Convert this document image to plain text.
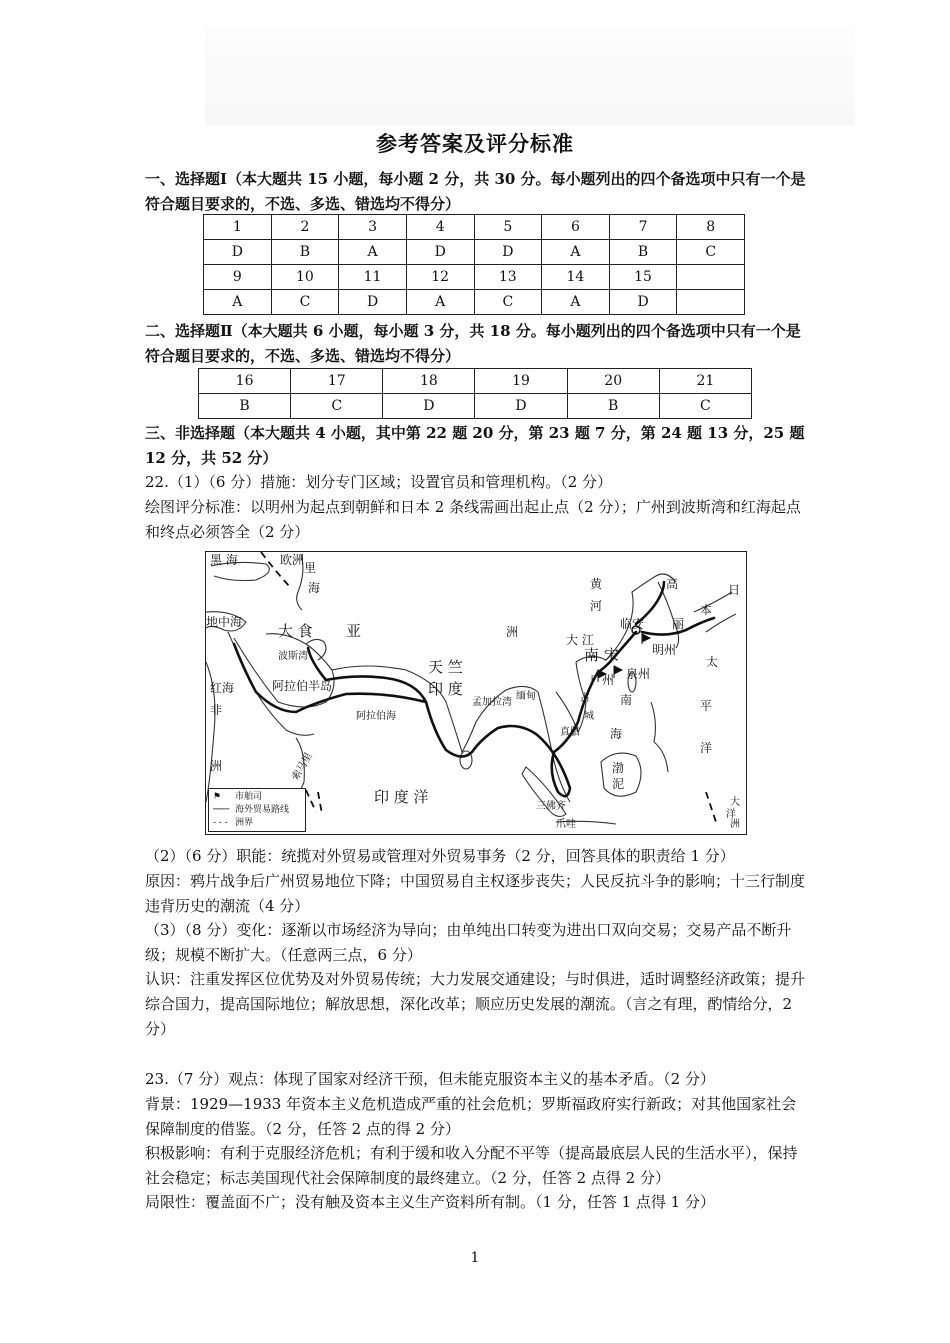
参考答案及评分标准

一、选择题Ⅰ（本大题共 15 小题，每小题 2 分，共 30 分。每小题列出的四个备选项中只有一个是符合题目要求的，不选、多选、错选均不得分）

1	2	3	4	5	6	7	8
D	B	A	D	D	A	B	C
9	10	11	12	13	14	15	
A	C	D	A	C	A	D	

二、选择题Ⅱ（本大题共 6 小题，每小题 3 分，共 18 分。每小题列出的四个备选项中只有一个是符合题目要求的，不选、多选、错选均不得分）

16	17	18	19	20	21
B	C	D	D	B	C

三、非选择题（本大题共 4 小题，其中第 22 题 20 分，第 23 题 7 分，第 24 题 13 分，25 题 12 分，共 52 分）

22.（1）（6 分）措施：划分专门区域；设置官员和管理机构。（2 分）

绘图评分标准：以明州为起点到朝鲜和日本 2 条线需画出起止点（2 分）；广州到波斯湾和红海起点和终点必须答全（2 分）

黑 海	欧洲
里
海
地中海 大 食 亚
波斯湾
阿拉伯半岛
红海
非
洲	索马里
阿拉伯海
天 竺
印 度
孟加拉湾
缅甸
洲
黄
河
大 江
临安
明州
南 宋
泉州
广州
高
丽
日
本
太
平
洋
南
海
占
城
真腊
渤
泥
印 度 洋
三佛齐
爪哇
大
洋
洲
⚑ 市舶司
─── 海外贸易路线
- - - 洲界

（2）（6 分）职能：统揽对外贸易或管理对外贸易事务（2 分，回答具体的职责给 1 分）

原因：鸦片战争后广州贸易地位下降；中国贸易自主权逐步丧失；人民反抗斗争的影响；十三行制度违背历史的潮流（4 分）

（3）（8 分）变化：逐渐以市场经济为导向；由单纯出口转变为进出口双向交易；交易产品不断升级；规模不断扩大。（任意两三点，6 分）

认识：注重发挥区位优势及对外贸易传统；大力发展交通建设；与时俱进，适时调整经济政策；提升综合国力，提高国际地位；解放思想，深化改革；顺应历史发展的潮流。（言之有理，酌情给分，2 分）

23.（7 分）观点：体现了国家对经济干预，但未能克服资本主义的基本矛盾。（2 分）

背景：1929—1933 年资本主义危机造成严重的社会危机；罗斯福政府实行新政；对其他国家社会保障制度的借鉴。（2 分，任答 2 点的得 2 分）

积极影响：有利于克服经济危机；有利于缓和收入分配不平等（提高最底层人民的生活水平），保持社会稳定；标志美国现代社会保障制度的最终建立。（2 分，任答 2 点得 2 分）

局限性：覆盖面不广；没有触及资本主义生产资料所有制。（1 分，任答 1 点得 1 分）

1
